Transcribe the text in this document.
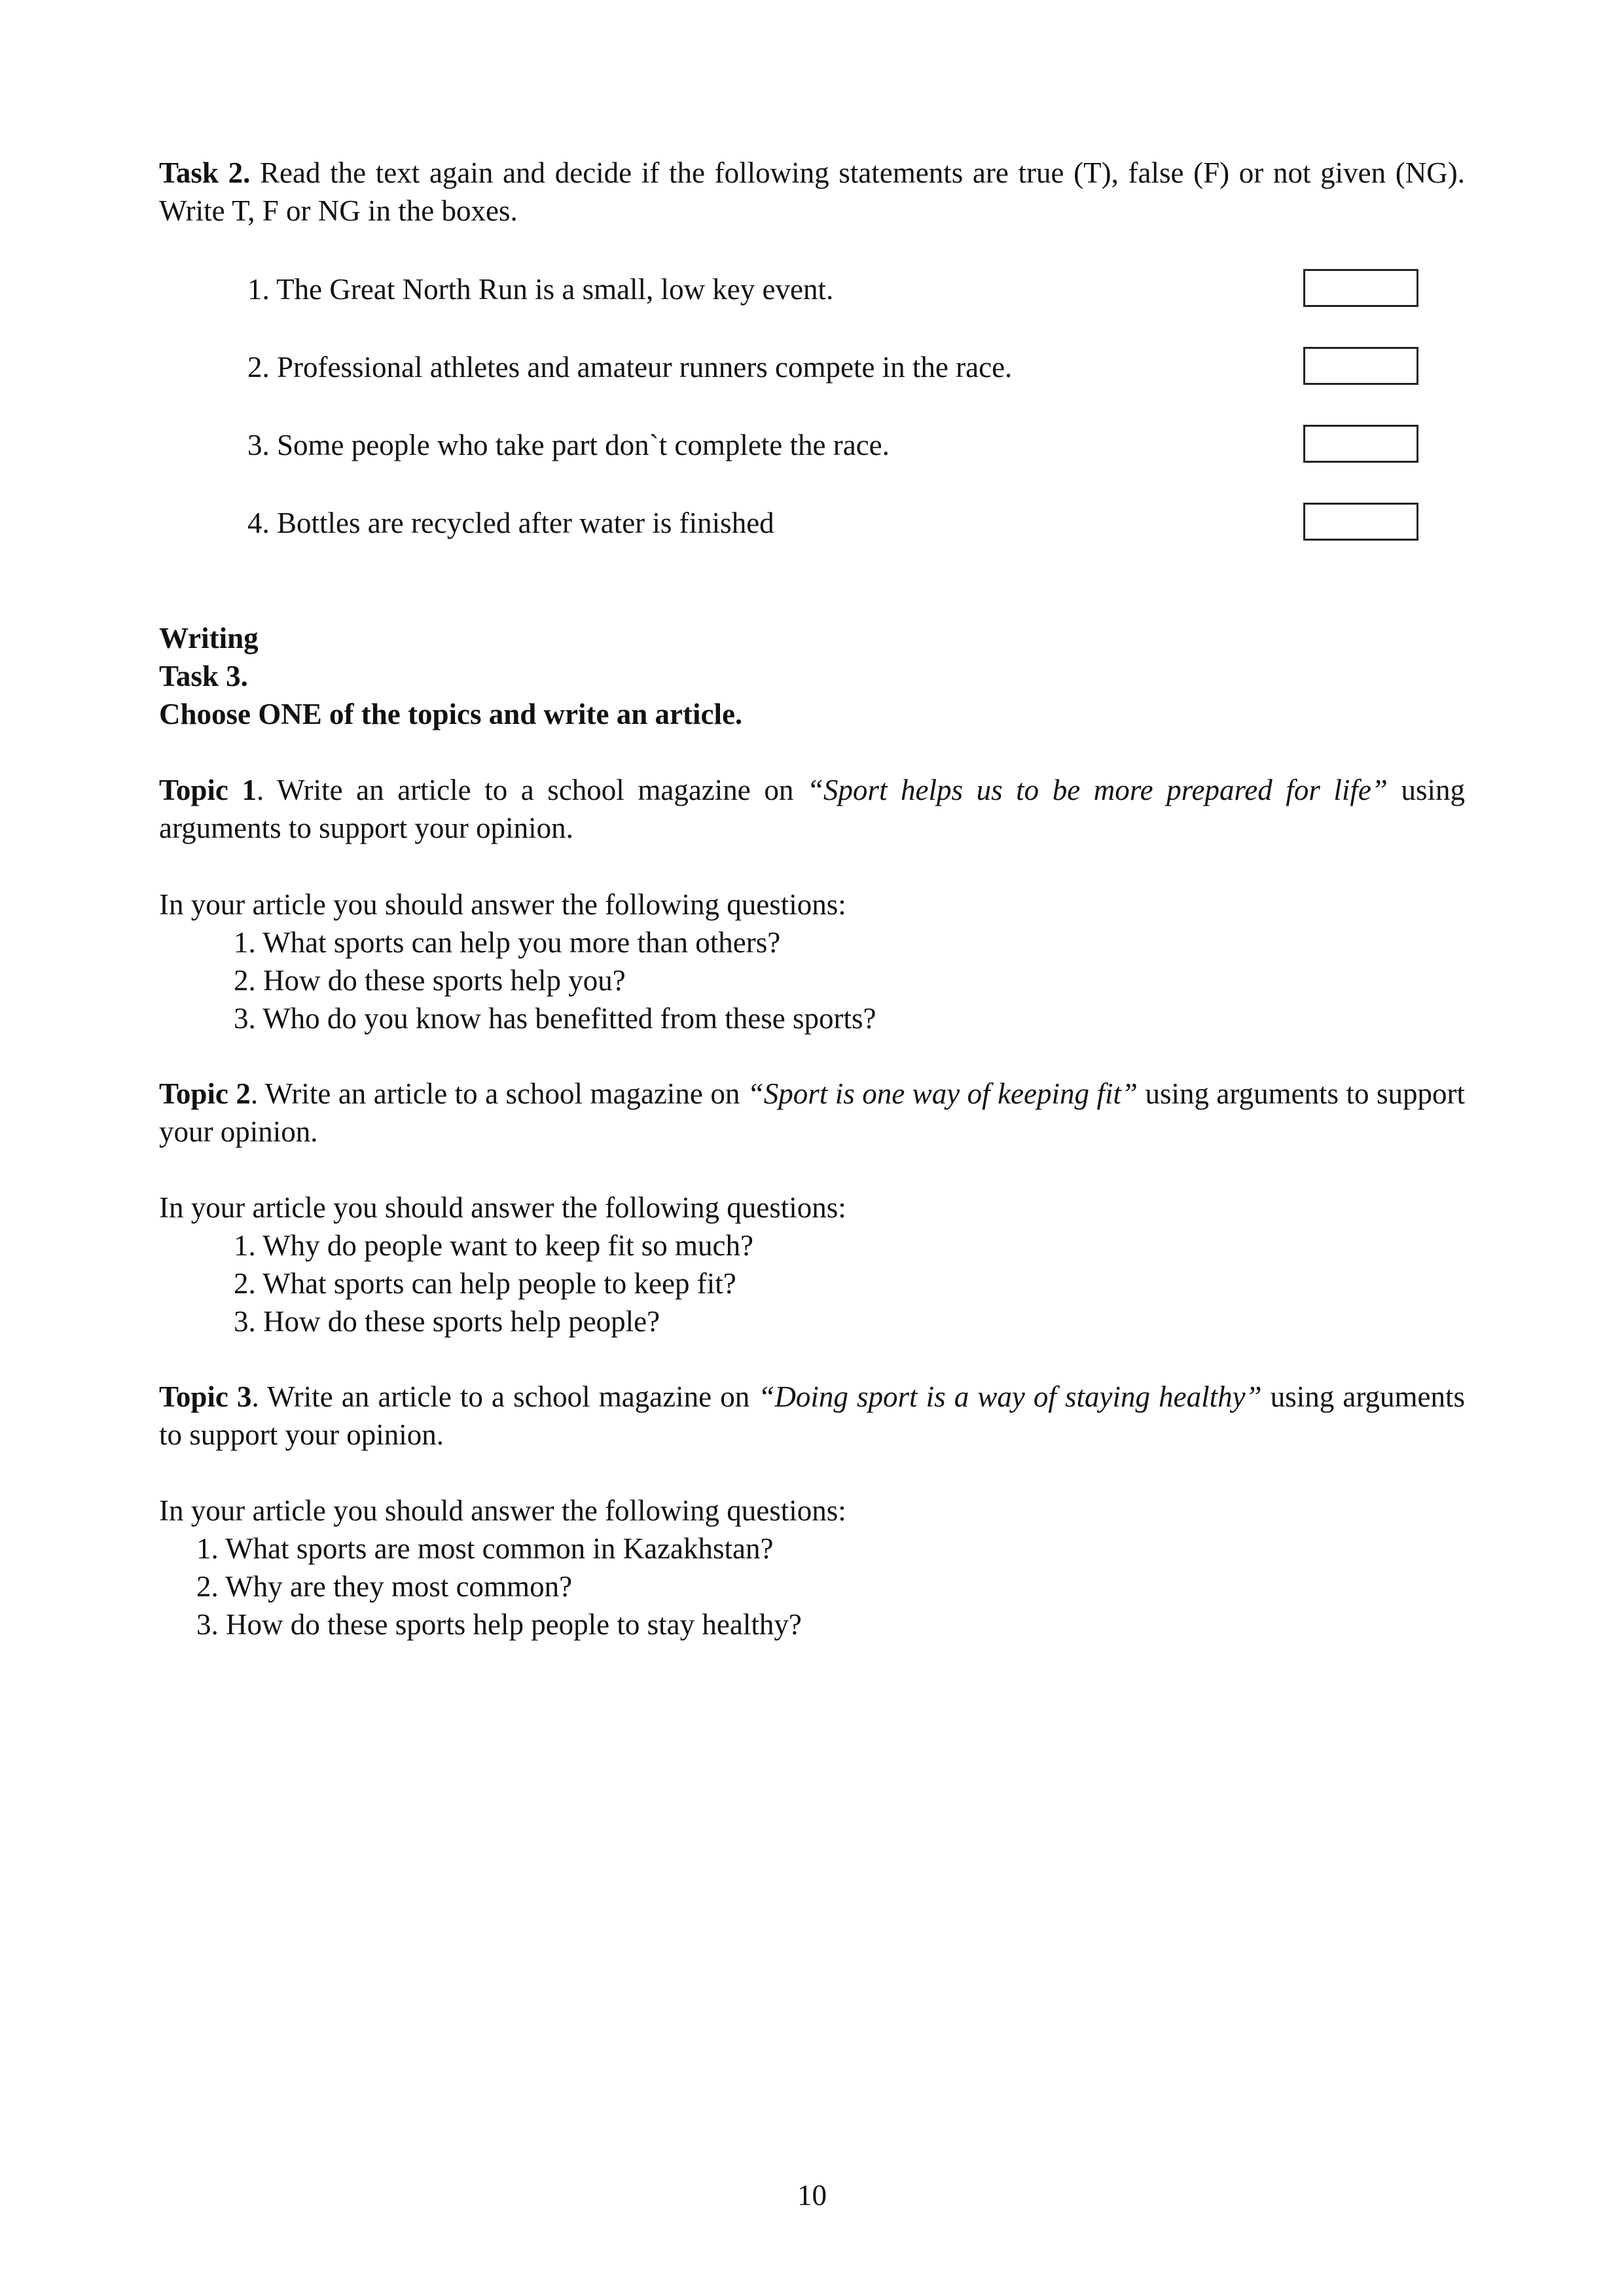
Task 2. Read the text again and decide if the following statements are true (T), false (F) or not given (NG). Write T, F or NG in the boxes.
1. The Great North Run is a small, low key event.
2. Professional athletes and amateur runners compete in the race.
3. Some people who take part don`t complete the race.
4. Bottles are recycled after water is finished
Writing
Task 3.
Choose ONE of the topics and write an article.
Topic 1. Write an article to a school magazine on “Sport helps us to be more prepared for life” using arguments to support your opinion.
In your article you should answer the following questions:
1. What sports can help you more than others?
2. How do these sports help you?
3. Who do you know has benefitted from these sports?
Topic 2. Write an article to a school magazine on “Sport is one way of keeping fit” using arguments to support your opinion.
In your article you should answer the following questions:
1. Why do people want to keep fit so much?
2. What sports can help people to keep fit?
3. How do these sports help people?
Topic 3. Write an article to a school magazine on “Doing sport is a way of staying healthy” using arguments to support your opinion.
In your article you should answer the following questions:
1. What sports are most common in Kazakhstan?
2. Why are they most common?
3. How do these sports help people to stay healthy?
10
